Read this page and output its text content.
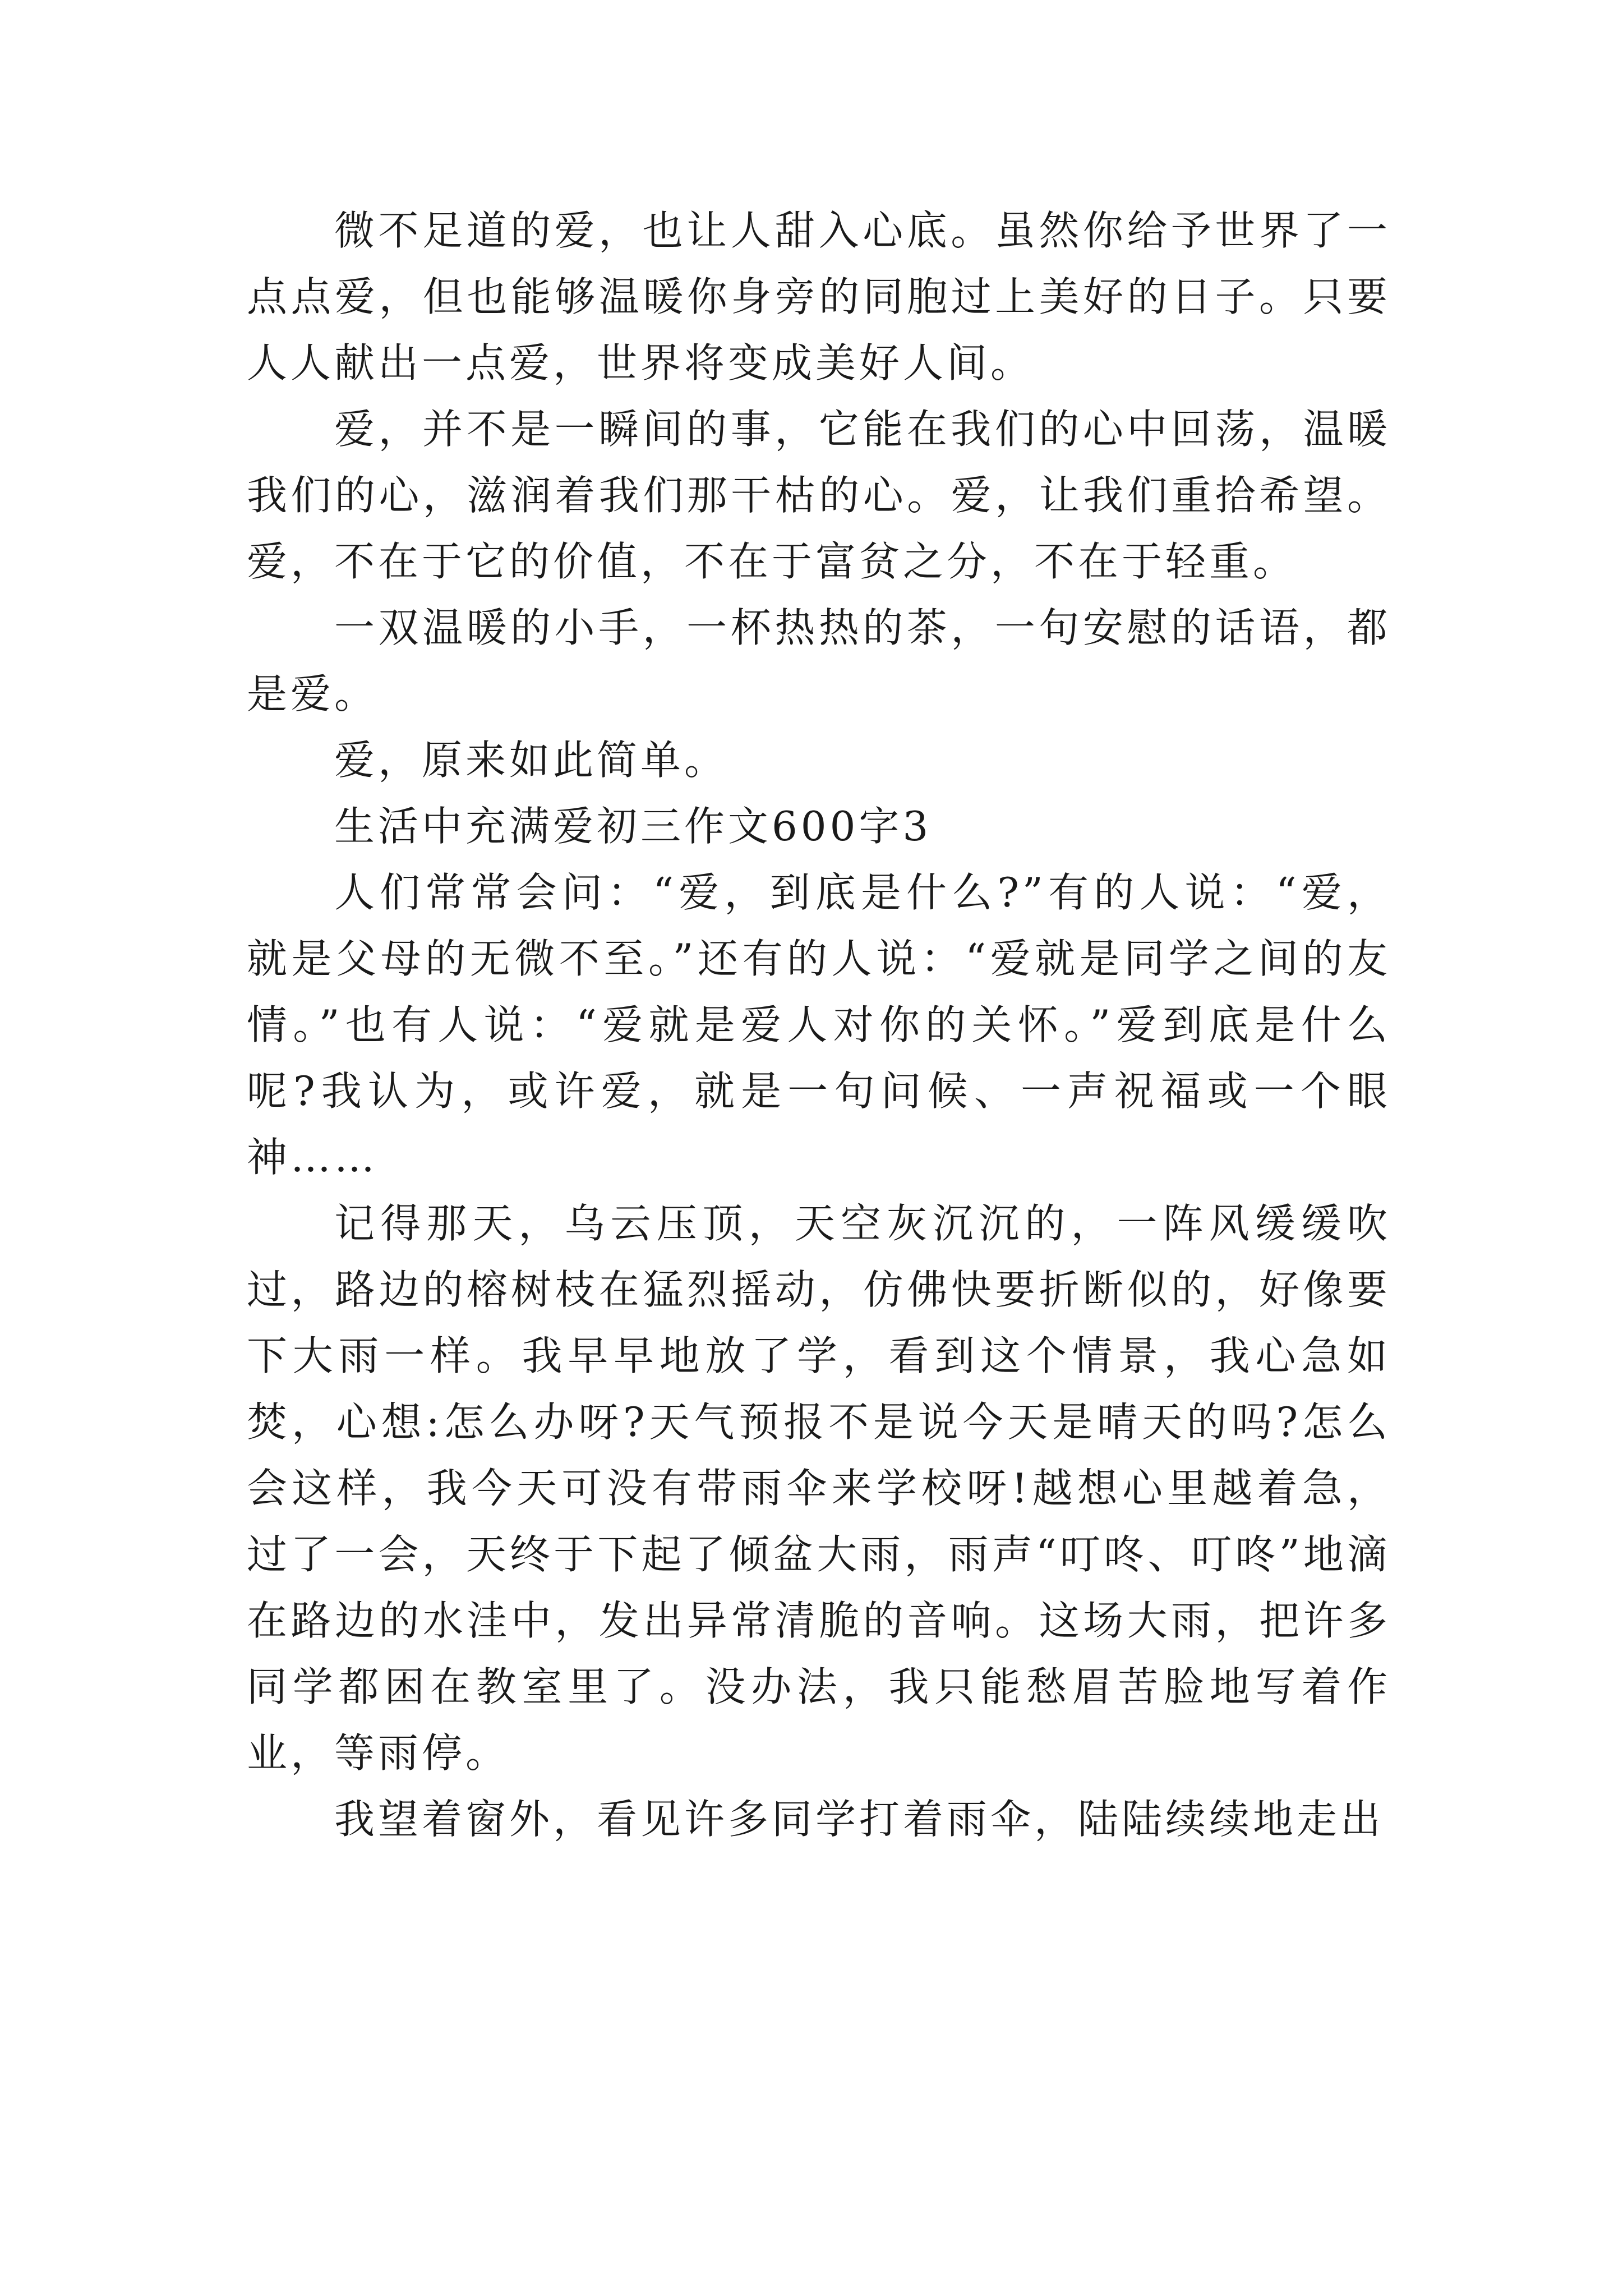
微不足道的爱，也让人甜入心底。虽然你给予世界了一点点爱，但也能够温暖你身旁的同胞过上美好的日子。只要人人献出一点爱，世界将变成美好人间。

爱，并不是一瞬间的事，它能在我们的心中回荡，温暖我们的心，滋润着我们那干枯的心。爱，让我们重拾希望。爱，不在于它的价值，不在于富贫之分，不在于轻重。

一双温暖的小手，一杯热热的茶，一句安慰的话语，都是爱。

爱，原来如此简单。

生活中充满爱初三作文600字3

人们常常会问：“爱，到底是什么?”有的人说：“爱，就是父母的无微不至。”还有的人说：“爱就是同学之间的友情。”也有人说：“爱就是爱人对你的关怀。”爱到底是什么呢?我认为，或许爱，就是一句问候、一声祝福或一个眼神……

记得那天，乌云压顶，天空灰沉沉的，一阵风缓缓吹过，路边的榕树枝在猛烈摇动，仿佛快要折断似的，好像要下大雨一样。我早早地放了学，看到这个情景，我心急如焚，心想:怎么办呀?天气预报不是说今天是晴天的吗?怎么会这样，我今天可没有带雨伞来学校呀!越想心里越着急，过了一会，天终于下起了倾盆大雨，雨声“叮咚、叮咚”地滴在路边的水洼中，发出异常清脆的音响。这场大雨，把许多同学都困在教室里了。没办法，我只能愁眉苦脸地写着作业，等雨停。

我望着窗外，看见许多同学打着雨伞，陆陆续续地走出
